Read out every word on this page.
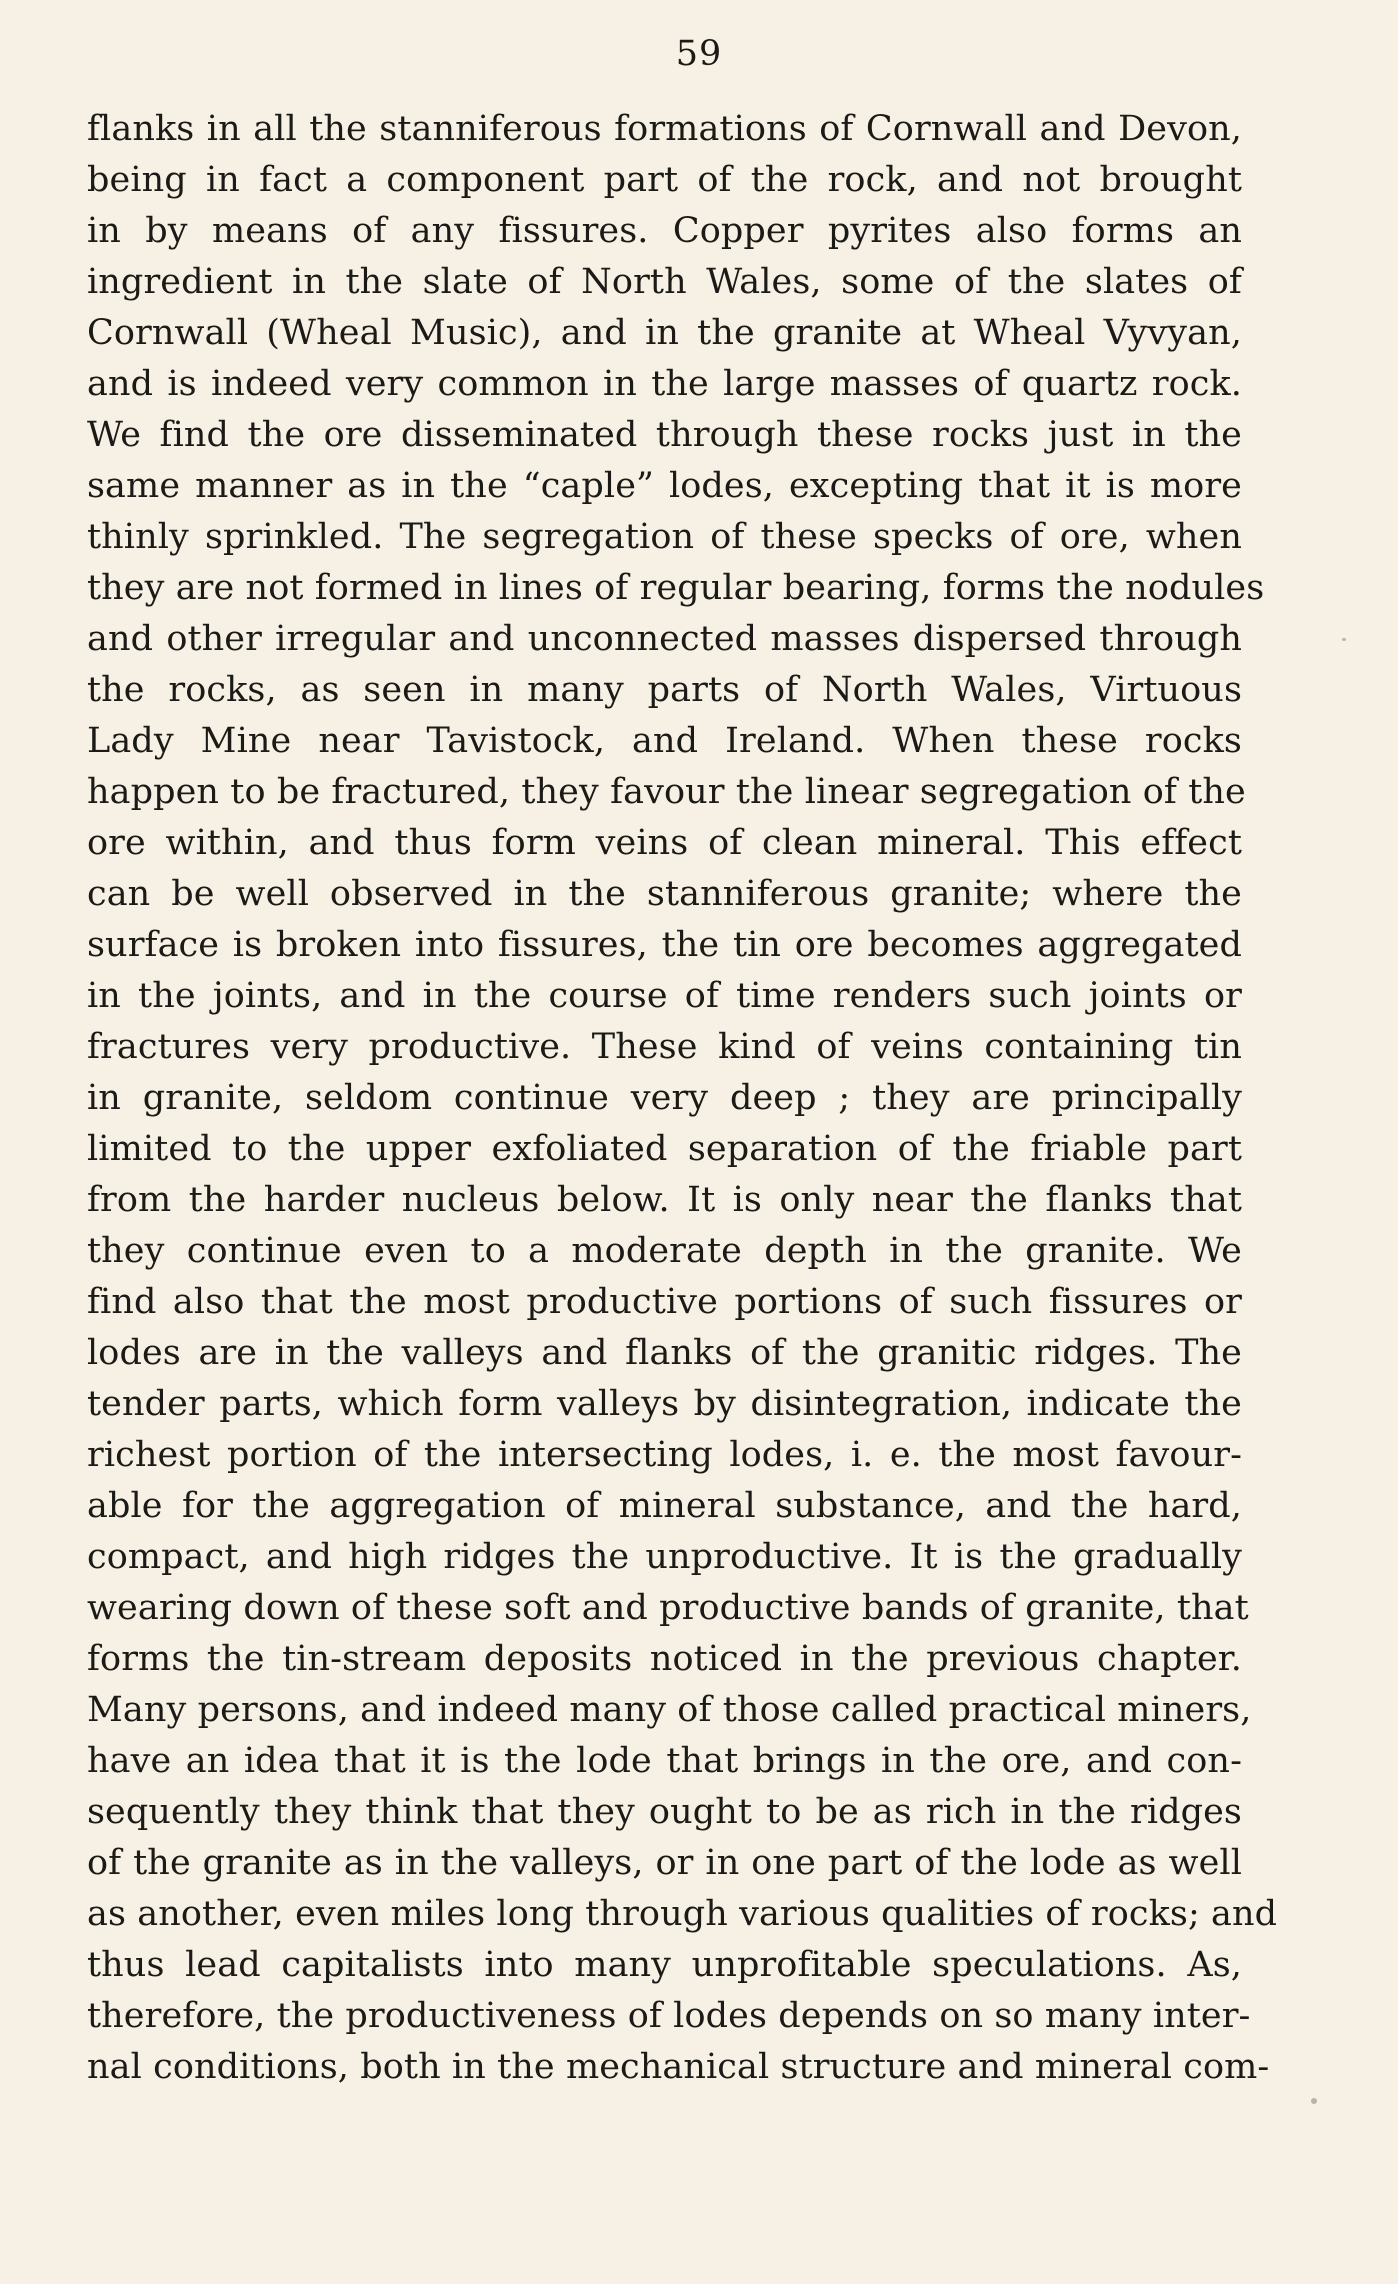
59
flanks in all the stanniferous formations of Cornwall and Devon,
being in fact a component part of the rock, and not brought
in by means of any fissures. Copper pyrites also forms an
ingredient in the slate of North Wales, some of the slates of
Cornwall (Wheal Music), and in the granite at Wheal Vyvyan,
and is indeed very common in the large masses of quartz rock.
We find the ore disseminated through these rocks just in the
same manner as in the “caple” lodes, excepting that it is more
thinly sprinkled. The segregation of these specks of ore, when
they are not formed in lines of regular bearing, forms the nodules
and other irregular and unconnected masses dispersed through
the rocks, as seen in many parts of North Wales, Virtuous
Lady Mine near Tavistock, and Ireland. When these rocks
happen to be fractured, they favour the linear segregation of the
ore within, and thus form veins of clean mineral. This effect
can be well observed in the stanniferous granite; where the
surface is broken into fissures, the tin ore becomes aggregated
in the joints, and in the course of time renders such joints or
fractures very productive. These kind of veins containing tin
in granite, seldom continue very deep ; they are principally
limited to the upper exfoliated separation of the friable part
from the harder nucleus below. It is only near the flanks that
they continue even to a moderate depth in the granite. We
find also that the most productive portions of such fissures or
lodes are in the valleys and flanks of the granitic ridges. The
tender parts, which form valleys by disintegration, indicate the
richest portion of the intersecting lodes, i. e. the most favour-
able for the aggregation of mineral substance, and the hard,
compact, and high ridges the unproductive. It is the gradually
wearing down of these soft and productive bands of granite, that
forms the tin-stream deposits noticed in the previous chapter.
Many persons, and indeed many of those called practical miners,
have an idea that it is the lode that brings in the ore, and con-
sequently they think that they ought to be as rich in the ridges
of the granite as in the valleys, or in one part of the lode as well
as another, even miles long through various qualities of rocks; and
thus lead capitalists into many unprofitable speculations. As,
therefore, the productiveness of lodes depends on so many inter-
nal conditions, both in the mechanical structure and mineral com-
